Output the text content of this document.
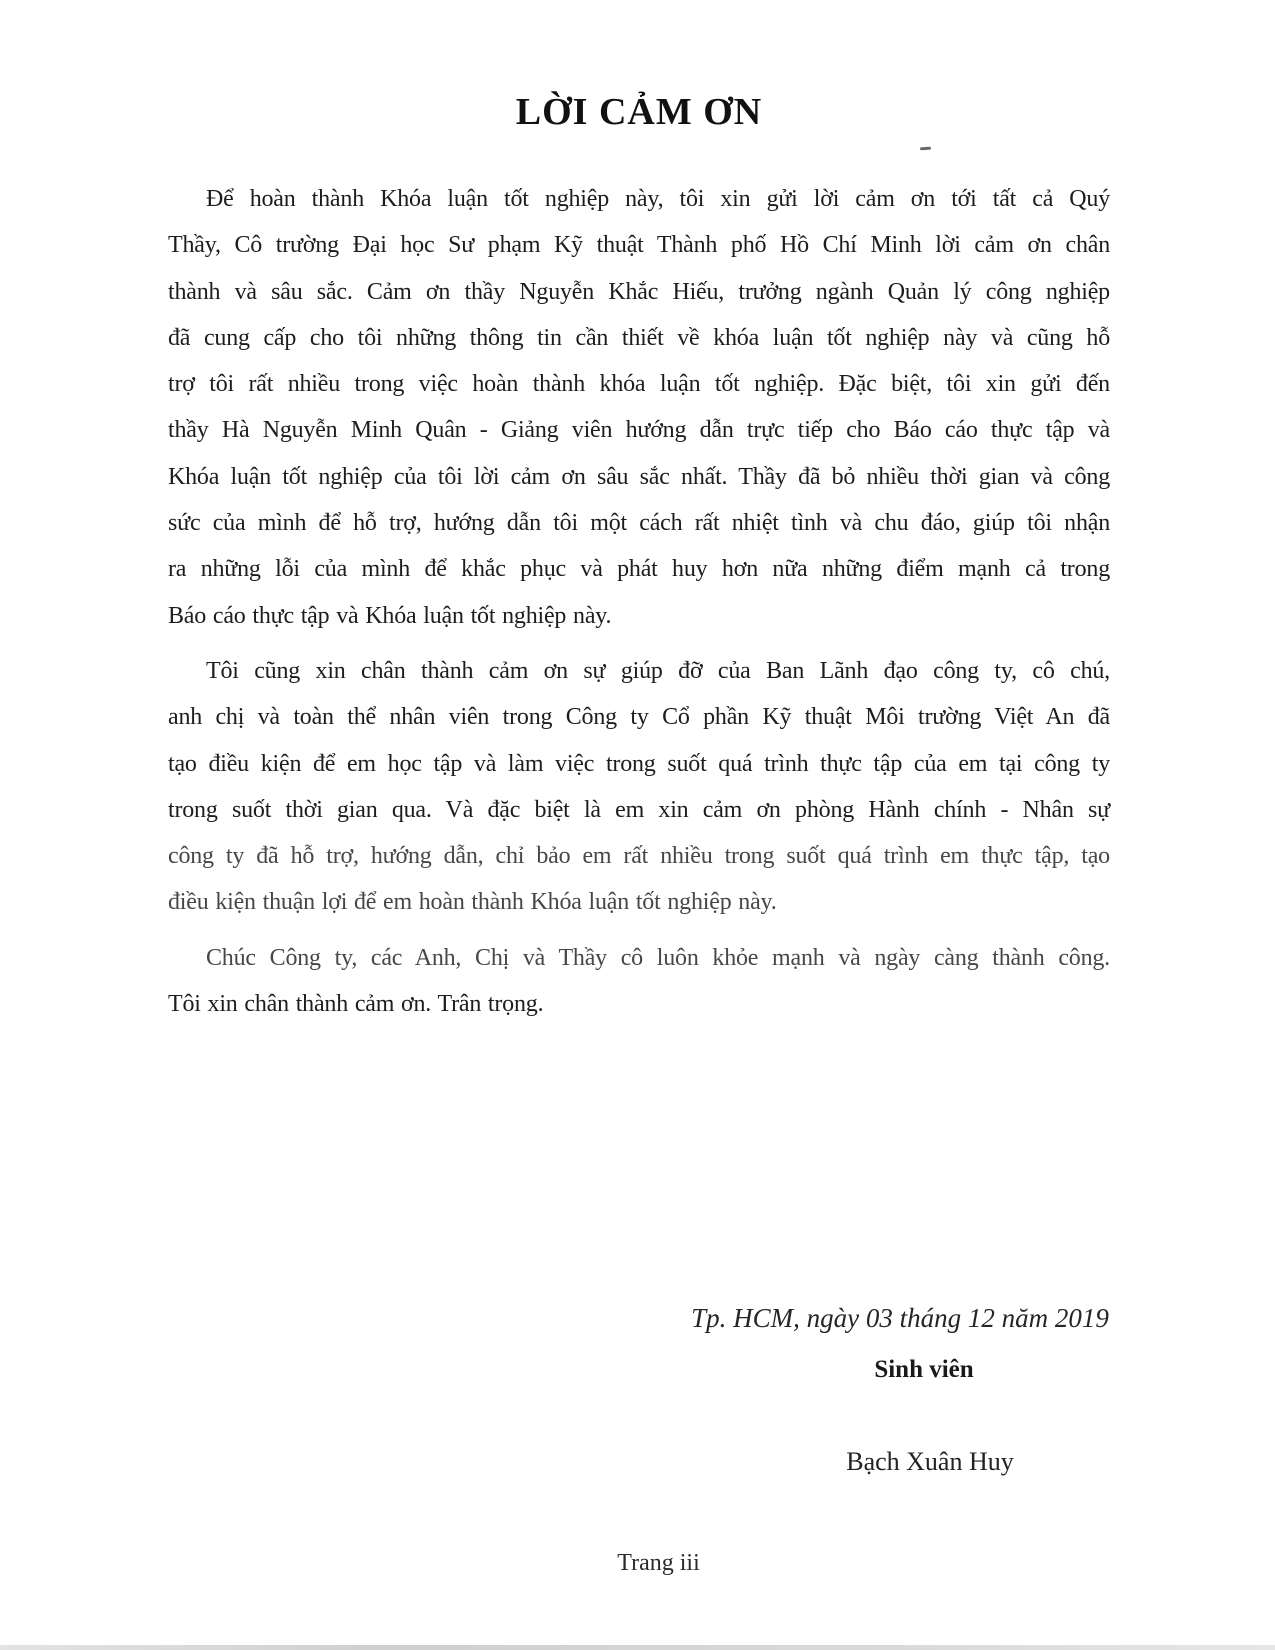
LỜI CẢM ƠN
Để hoàn thành Khóa luận tốt nghiệp này, tôi xin gửi lời cảm ơn tới tất cả Quý
Thầy, Cô trường Đại học Sư phạm Kỹ thuật Thành phố Hồ Chí Minh lời cảm ơn chân
thành và sâu sắc. Cảm ơn thầy Nguyễn Khắc Hiếu, trưởng ngành Quản lý công nghiệp
đã cung cấp cho tôi những thông tin cần thiết về khóa luận tốt nghiệp này và cũng hỗ
trợ tôi rất nhiều trong việc hoàn thành khóa luận tốt nghiệp. Đặc biệt, tôi xin gửi đến
thầy Hà Nguyễn Minh Quân - Giảng viên hướng dẫn trực tiếp cho Báo cáo thực tập và
Khóa luận tốt nghiệp của tôi lời cảm ơn sâu sắc nhất. Thầy đã bỏ nhiều thời gian và công
sức của mình để hỗ trợ, hướng dẫn tôi một cách rất nhiệt tình và chu đáo, giúp tôi nhận
ra những lỗi của mình để khắc phục và phát huy hơn nữa những điểm mạnh cả trong
Báo cáo thực tập và Khóa luận tốt nghiệp này.
Tôi cũng xin chân thành cảm ơn sự giúp đỡ của Ban Lãnh đạo công ty, cô chú,
anh chị và toàn thể nhân viên trong Công ty Cổ phần Kỹ thuật Môi trường Việt An đã
tạo điều kiện để em học tập và làm việc trong suốt quá trình thực tập của em tại công ty
trong suốt thời gian qua. Và đặc biệt là em xin cảm ơn phòng Hành chính - Nhân sự
công ty đã hỗ trợ, hướng dẫn, chỉ bảo em rất nhiều trong suốt quá trình em thực tập, tạo
điều kiện thuận lợi để em hoàn thành Khóa luận tốt nghiệp này.
Chúc Công ty, các Anh, Chị và Thầy cô luôn khỏe mạnh và ngày càng thành công.
Tôi xin chân thành cảm ơn. Trân trọng.
Tp. HCM, ngày 03 tháng 12 năm 2019
Sinh viên
Bạch Xuân Huy
Trang iii
